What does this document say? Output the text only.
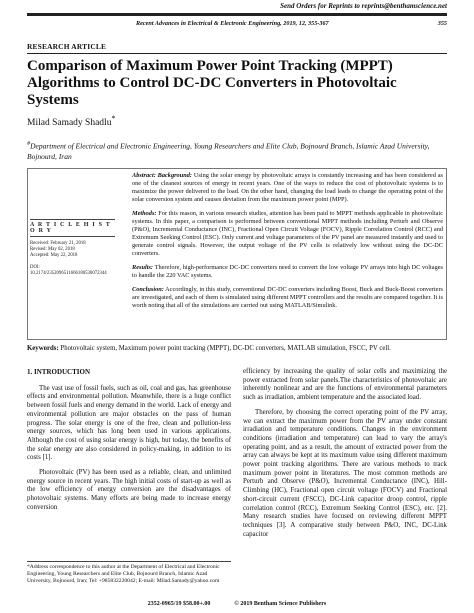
Send Orders for Reprints to reprints@benthamscience.net
Recent Advances in Electrical & Electronic Engineering, 2019, 12, 355-367	355
RESEARCH ARTICLE
Comparison of Maximum Power Point Tracking (MPPT) Algorithms to Control DC-DC Converters in Photovoltaic Systems
Milad Samady Shadlu*
#Department of Electrical and Electronic Engineering, Young Researchers and Elite Club, Bojnourd Branch, Islamic Azad University, Bojnourd, Iran
A R T I C L E H I S T O R Y
Received: February 21, 2018
Revised: May 02, 2018
Accepted: May 22, 2018
DOI:
10.2174/2352096511666180530072344

Abstract: Background: Using the solar energy by photovoltaic arrays is constantly increasing and has been considered as one of the cleanest sources of energy in recent years. One of the ways to reduce the cost of photovoltaic systems is to maximize the power delivered to the load. On the other hand, changing the load leads to change the operating point of the solar conversion system and causes deviation from the maximum power point (MPP).

Methods: For this reason, in various research studies, attention has been paid to MPPT methods applicable in photovoltaic systems. In this paper, a comparison is performed between conventional MPPT methods including Perturb and Observe (P&O), Incremental Conductance (INC), Fractional Open Circuit Voltage (FOCV), Ripple Correlation Control (RCC) and Extremum Seeking Control (ESC). Only current and voltage parameters of the PV panel are measured instantly and used to generate control signals. However, the output voltage of the PV cells is relatively low without using the DC-DC converters.

Results: Therefore, high-performance DC-DC converters need to convert the low voltage PV arrays into high DC voltages to handle the 220 VAC systems.

Conclusion: Accordingly, in this study, conventional DC-DC converters including Boost, Buck and Buck-Boost converters are investigated, and each of them is simulated using different MPPT controllers and the results are compared together. It is worth noting that all of the simulations are carried out using MATLAB/Simulink.

Keywords: Photovoltaic system, Maximum power point tracking (MPPT), DC-DC converters, MATLAB simulation, FSCC, PV cell.
1. INTRODUCTION

The vast use of fossil fuels, such as oil, coal and gas, has greenhouse effects and environmental pollution. Meanwhile, there is a huge conflict between fossil fuels and energy demand in the world. Lack of energy and environmental pollution are major obstacles on the pass of human progress. The solar energy is one of the free, clean and pollution-less energy sources, which has long been used in various applications. Although the cost of using solar energy is high, but today, the benefits of the solar energy are also considered in policy-making, in addition to its costs [1].

Photovoltaic (PV) has been used as a reliable, clean, and unlimited energy source in recent years. The high initial costs of start-up as well as the low efficiency of energy conversion are the disadvantages of photovoltaic systems. Many efforts are being made to increase energy conversion

efficiency by increasing the quality of solar cells and maximizing the power extracted from solar panels.The characteristics of photovoltaic are inherently nonlinear and are the functions of environmental parameters such as irradiation, ambient temperature and the associated load.

Therefore, by choosing the correct operating point of the PV array, we can extract the maximum power from the PV array under constant irradiation and temperature conditions. Changes in the environment conditions (irradiation and temperature) can lead to vary the array's operating point, and as a result, the amount of extracted power from the array can always be kept at its maximum value using different maximum power point tracking algorithms. There are various methods to track maximum power point in literatures. The most common methods are Perturb and Observe (P&O), Incremental Conductance (INC), Hill-Climbing (HC), Fractional open circuit voltage (FOCV) and Fractional short-circuit current (FSCC), DC-Link capacitor droop control, ripple correlation control (RCC), Extremum Seeking Control (ESC), etc. [2]. Many research studies have focused on reviewing different MPPT techniques [3]. A comparative study between P&O, INC, DC-Link capacitor

*Address correspondence to this author at the Department of Electrical and Electronic Engineering, Young Researchers and Elite Club, Bojnourd Branch, Islamic Azad University, Bojnourd, Iran; Tel: +985832220042; E-mail: Milad.Samady@yahoo.com
2352-0965/19 $58.00+.00	© 2019 Bentham Science Publishers
